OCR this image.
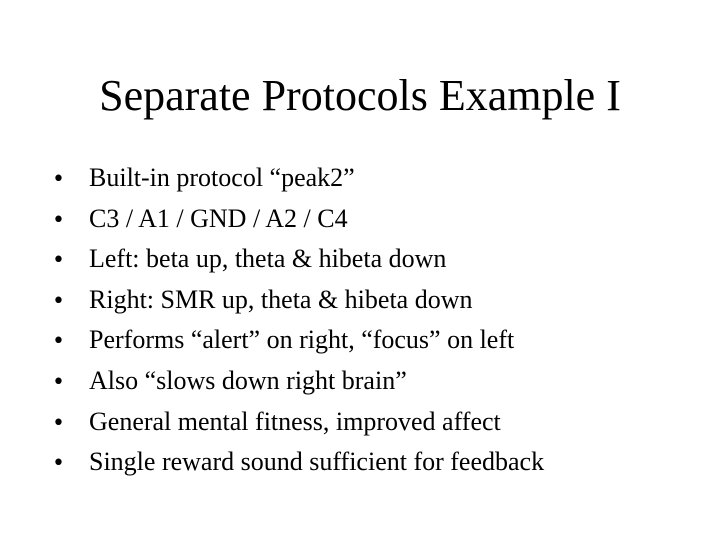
Separate Protocols Example I
• Built-in protocol “peak2”
• C3 / A1 / GND / A2 / C4
• Left: beta up, theta & hibeta down
• Right: SMR up, theta & hibeta down
• Performs “alert” on right, “focus” on left
• Also “slows down right brain”
• General mental fitness, improved affect
• Single reward sound sufficient for feedback
